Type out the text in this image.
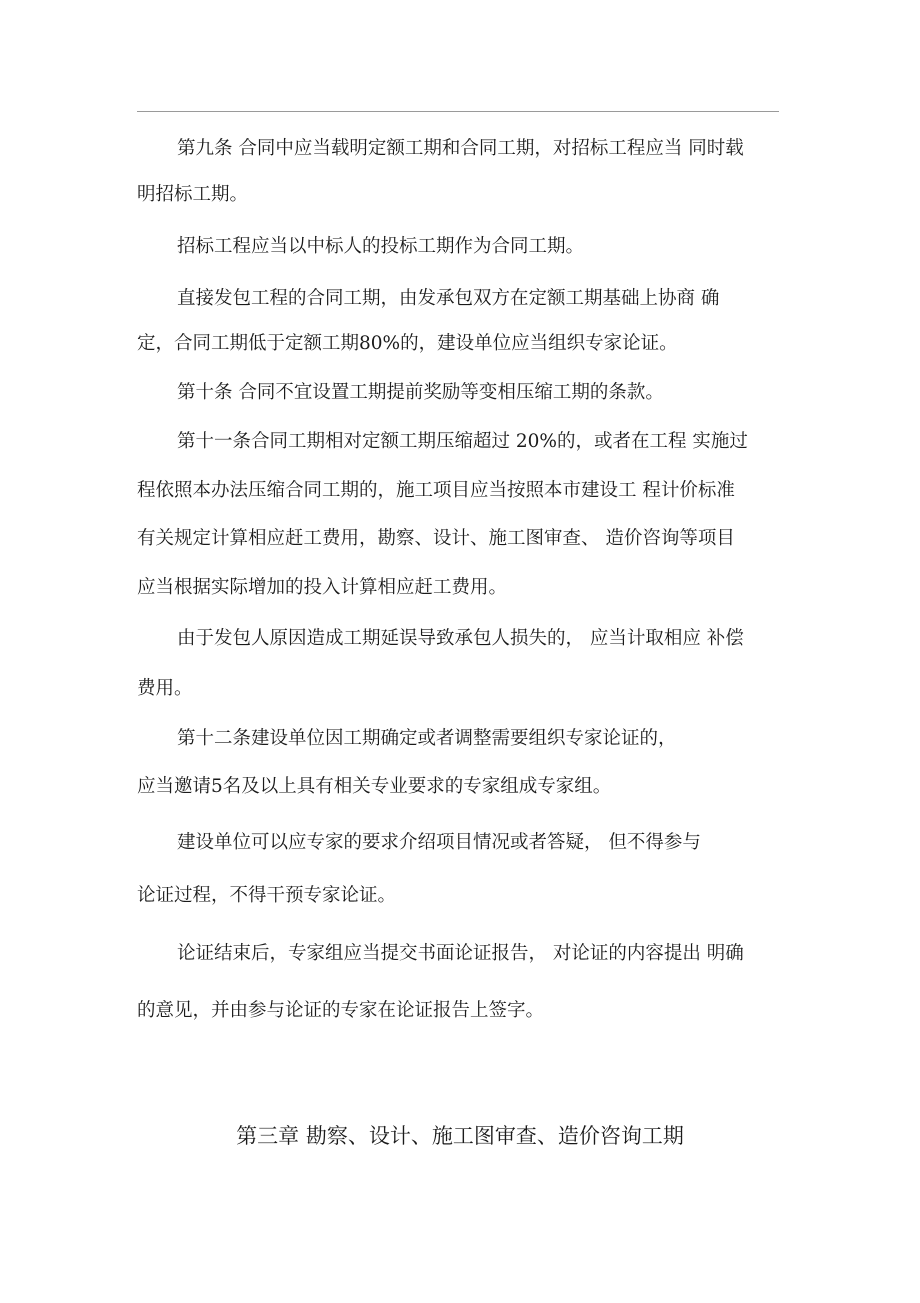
第九条 合同中应当载明定额工期和合同工期，对招标工程应当 同时载
明招标工期。
招标工程应当以中标人的投标工期作为合同工期。
直接发包工程的合同工期，由发承包双方在定额工期基础上协商 确
定，合同工期低于定额工期80%的，建设单位应当组织专家论证。
第十条 合同不宜设置工期提前奖励等变相压缩工期的条款。
第十一条合同工期相对定额工期压缩超过 20%的，或者在工程 实施过
程依照本办法压缩合同工期的，施工项目应当按照本市建设工 程计价标准
有关规定计算相应赶工费用，勘察、设计、施工图审查、 造价咨询等项目
应当根据实际增加的投入计算相应赶工费用。
由于发包人原因造成工期延误导致承包人损失的， 应当计取相应 补偿
费用。
第十二条建设单位因工期确定或者调整需要组织专家论证的，
应当邀请5名及以上具有相关专业要求的专家组成专家组。
建设单位可以应专家的要求介绍项目情况或者答疑， 但不得参与
论证过程，不得干预专家论证。
论证结束后，专家组应当提交书面论证报告， 对论证的内容提出 明确
的意见，并由参与论证的专家在论证报告上签字。
第三章 勘察、设计、施工图审查、造价咨询工期
